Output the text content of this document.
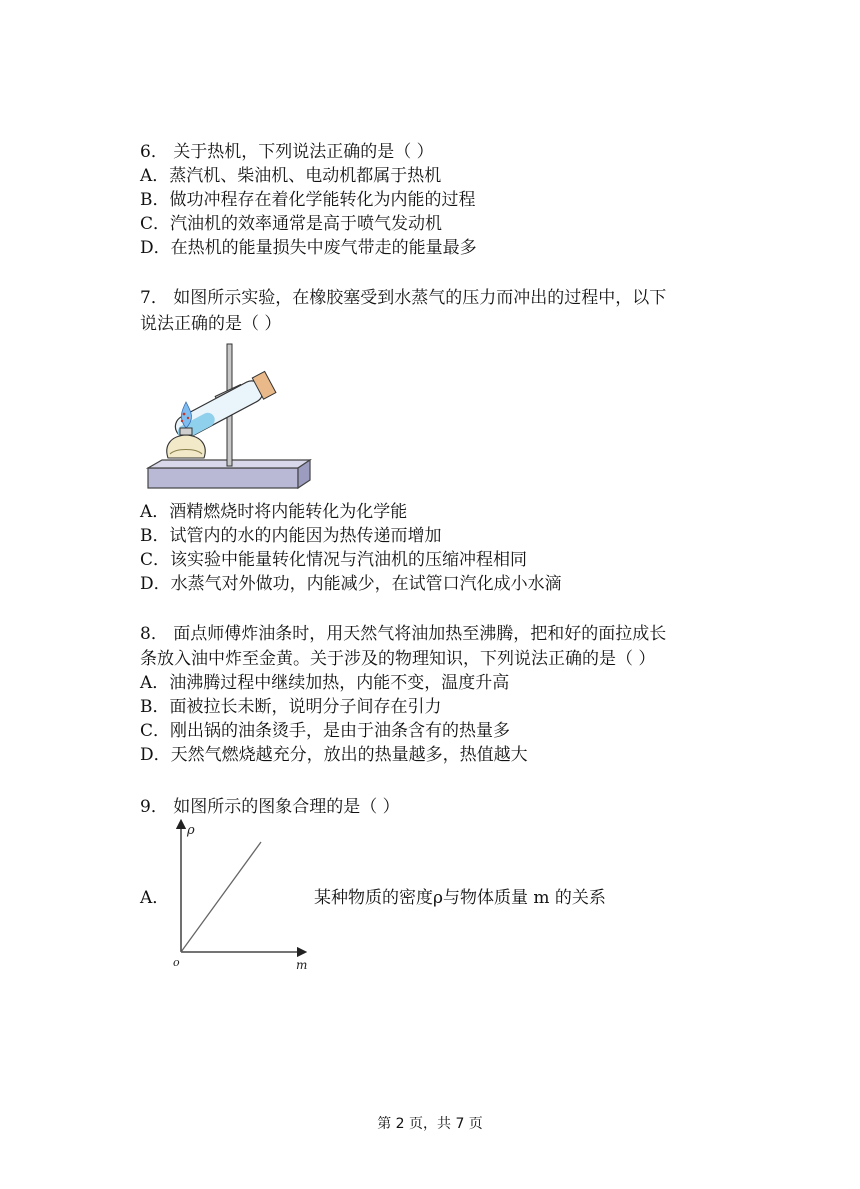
6． 关于热机，下列说法正确的是（ ）
A．蒸汽机、柴油机、电动机都属于热机
B．做功冲程存在着化学能转化为内能的过程
C．汽油机的效率通常是高于喷气发动机
D．在热机的能量损失中废气带走的能量最多
7． 如图所示实验，在橡胶塞受到水蒸气的压力而冲出的过程中，以下
说法正确的是（ ）
A．酒精燃烧时将内能转化为化学能
B．试管内的水的内能因为热传递而增加
C．该实验中能量转化情况与汽油机的压缩冲程相同
D．水蒸气对外做功，内能减少，在试管口汽化成小水滴
8． 面点师傅炸油条时，用天然气将油加热至沸腾，把和好的面拉成长
条放入油中炸至金黄。关于涉及的物理知识，下列说法正确的是（ ）
A．油沸腾过程中继续加热，内能不变，温度升高
B．面被拉长未断，说明分子间存在引力
C．刚出锅的油条烫手，是由于油条含有的热量多
D．天然气燃烧越充分，放出的热量越多，热值越大
9． 如图所示的图象合理的是（ ）
A．
ρ
m
o
某种物质的密度ρ与物体质量 m 的关系
第 2 页，共 7 页
